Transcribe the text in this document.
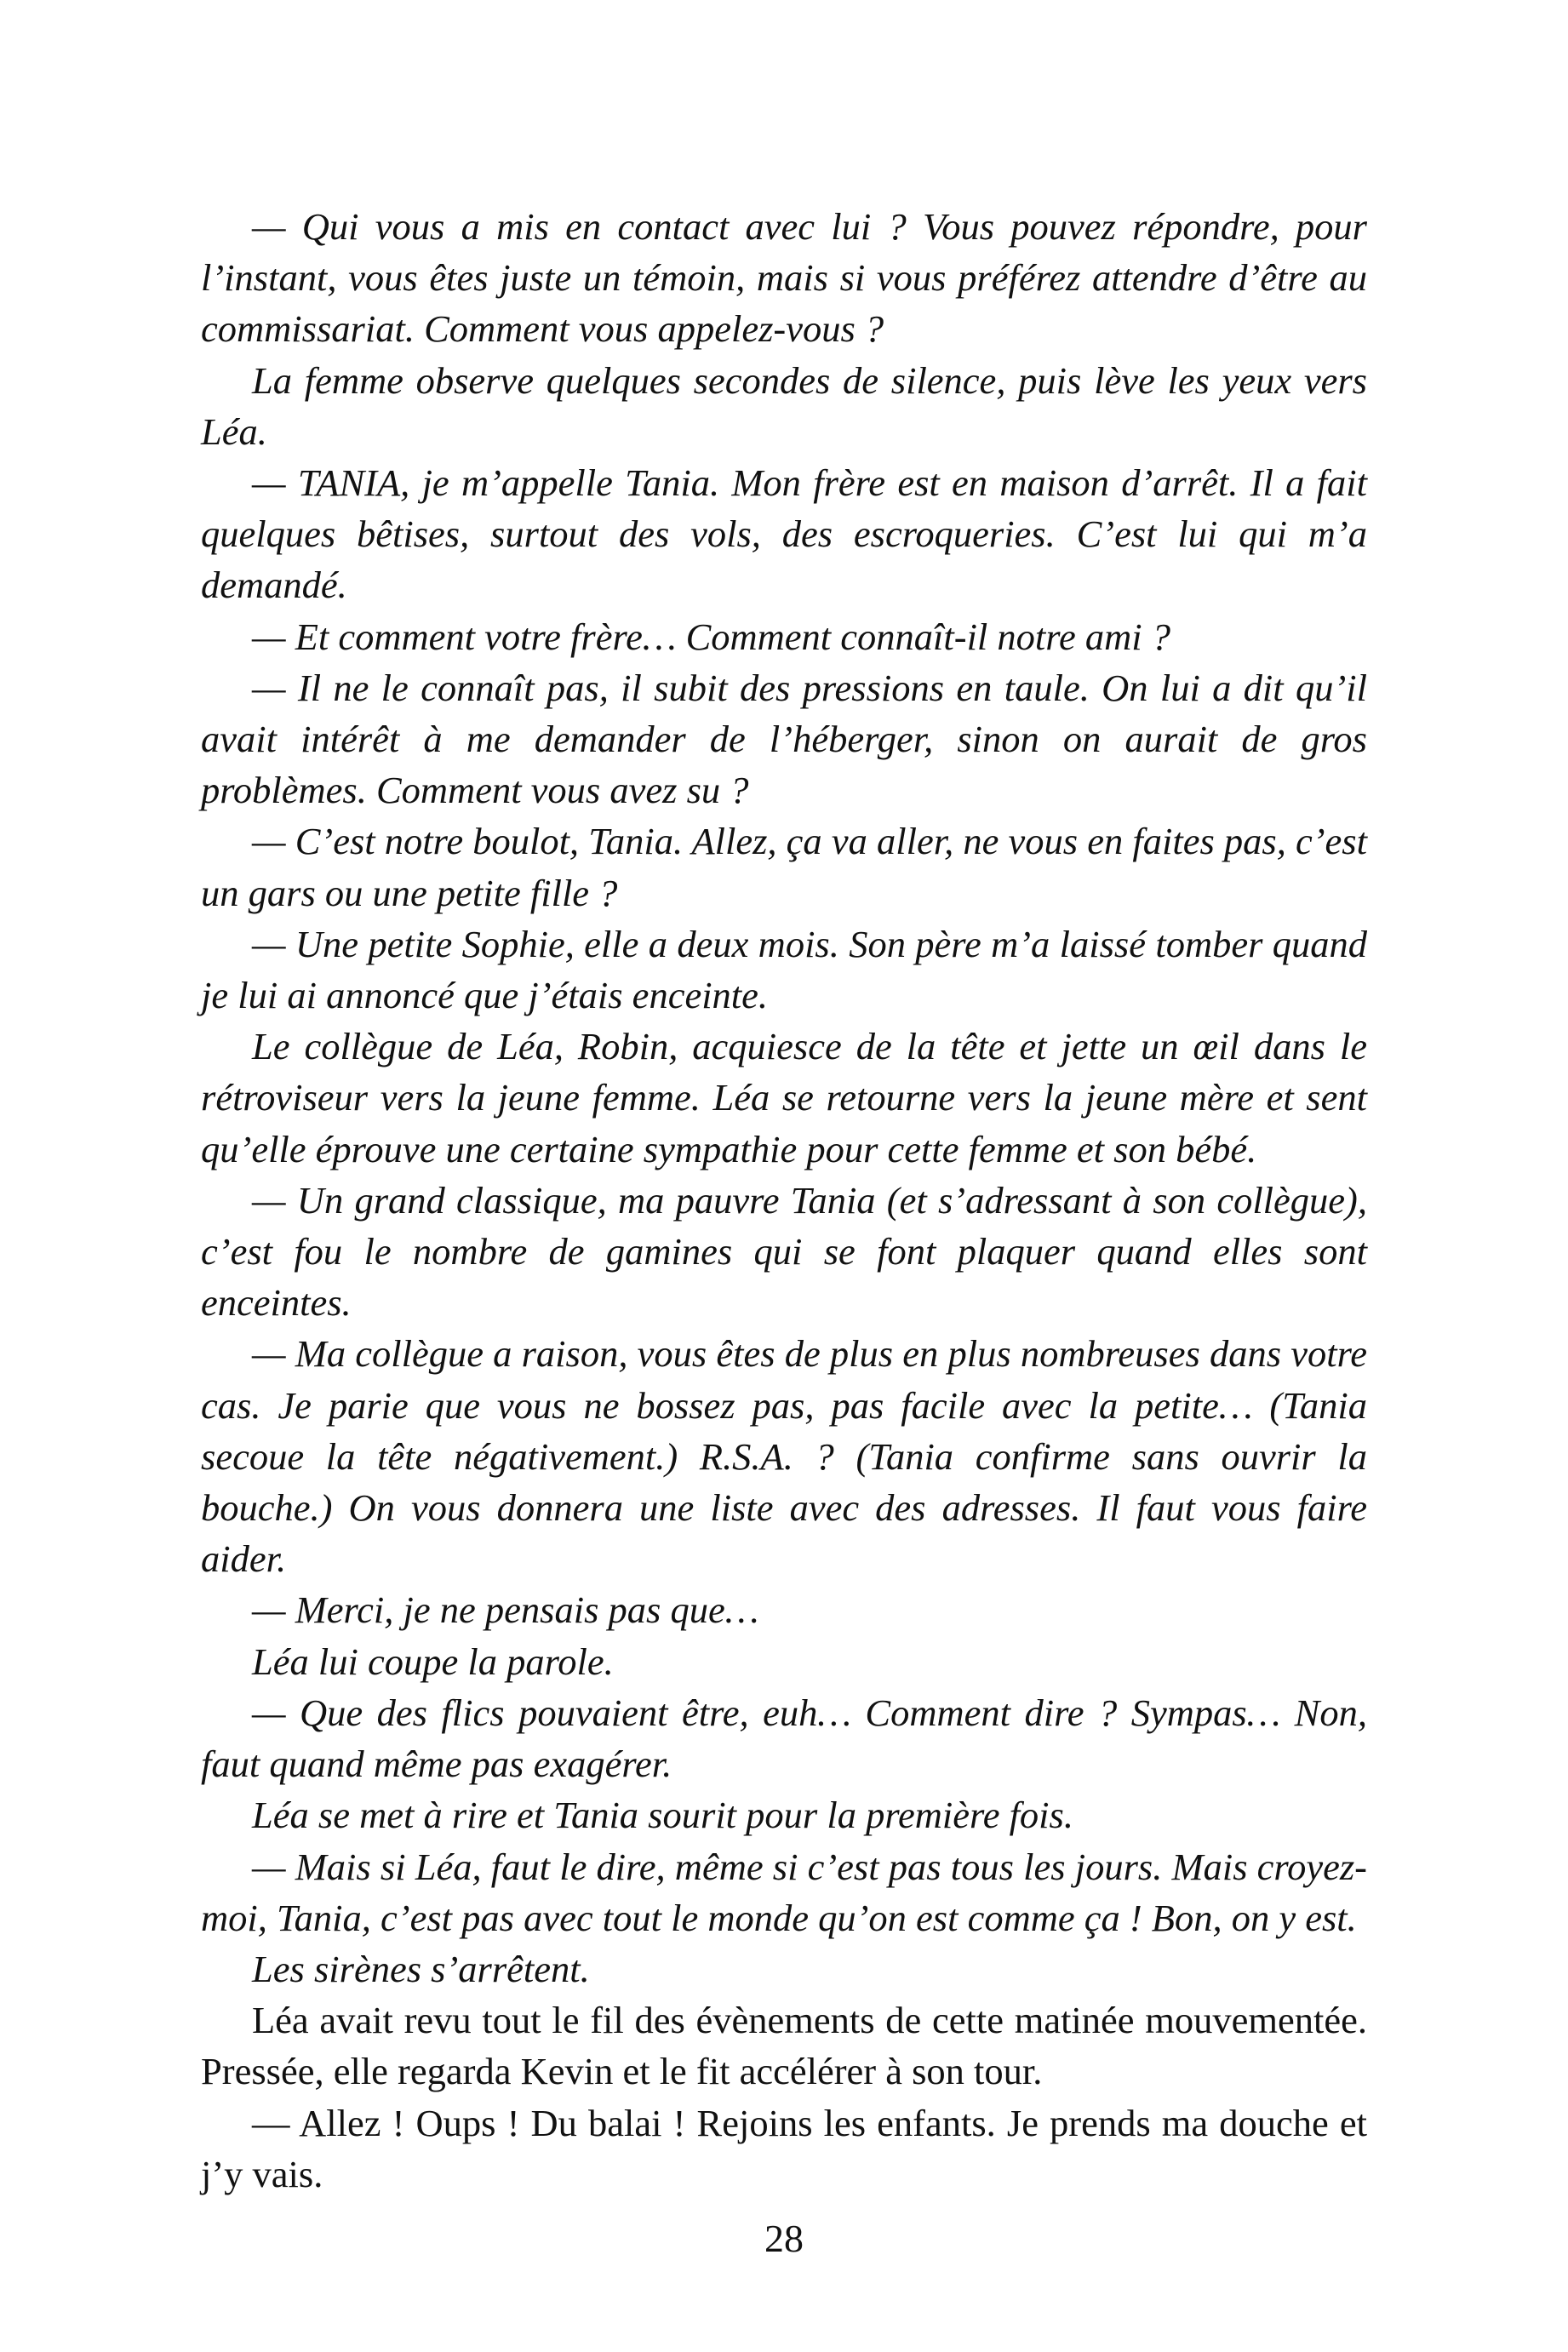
— Qui vous a mis en contact avec lui ? Vous pouvez répondre, pour l’instant, vous êtes juste un témoin, mais si vous préférez attendre d’être au commissariat. Comment vous appelez-vous ?

La femme observe quelques secondes de silence, puis lève les yeux vers Léa.

— TANIA, je m’appelle Tania. Mon frère est en maison d’arrêt. Il a fait quelques bêtises, surtout des vols, des escroqueries. C’est lui qui m’a demandé.

— Et comment votre frère… Comment connaît-il notre ami ?

— Il ne le connaît pas, il subit des pressions en taule. On lui a dit qu’il avait intérêt à me demander de l’héberger, sinon on aurait de gros problèmes. Comment vous avez su ?

— C’est notre boulot, Tania. Allez, ça va aller, ne vous en faites pas, c’est un gars ou une petite fille ?

— Une petite Sophie, elle a deux mois. Son père m’a laissé tomber quand je lui ai annoncé que j’étais enceinte.

Le collègue de Léa, Robin, acquiesce de la tête et jette un œil dans le rétroviseur vers la jeune femme. Léa se retourne vers la jeune mère et sent qu’elle éprouve une certaine sympathie pour cette femme et son bébé.

— Un grand classique, ma pauvre Tania (et s’adressant à son collègue), c’est fou le nombre de gamines qui se font plaquer quand elles sont enceintes.

— Ma collègue a raison, vous êtes de plus en plus nombreuses dans votre cas. Je parie que vous ne bossez pas, pas facile avec la petite… (Tania secoue la tête négativement.) R.S.A. ? (Tania confirme sans ouvrir la bouche.) On vous donnera une liste avec des adresses. Il faut vous faire aider.

— Merci, je ne pensais pas que…

Léa lui coupe la parole.

— Que des flics pouvaient être, euh… Comment dire ? Sympas… Non, faut quand même pas exagérer.

Léa se met à rire et Tania sourit pour la première fois.

— Mais si Léa, faut le dire, même si c’est pas tous les jours. Mais croyez-moi, Tania, c’est pas avec tout le monde qu’on est comme ça ! Bon, on y est.

Les sirènes s’arrêtent.

Léa avait revu tout le fil des évènements de cette matinée mouvementée. Pressée, elle regarda Kevin et le fit accélérer à son tour.

— Allez ! Oups ! Du balai ! Rejoins les enfants. Je prends ma douche et j’y vais.

28
